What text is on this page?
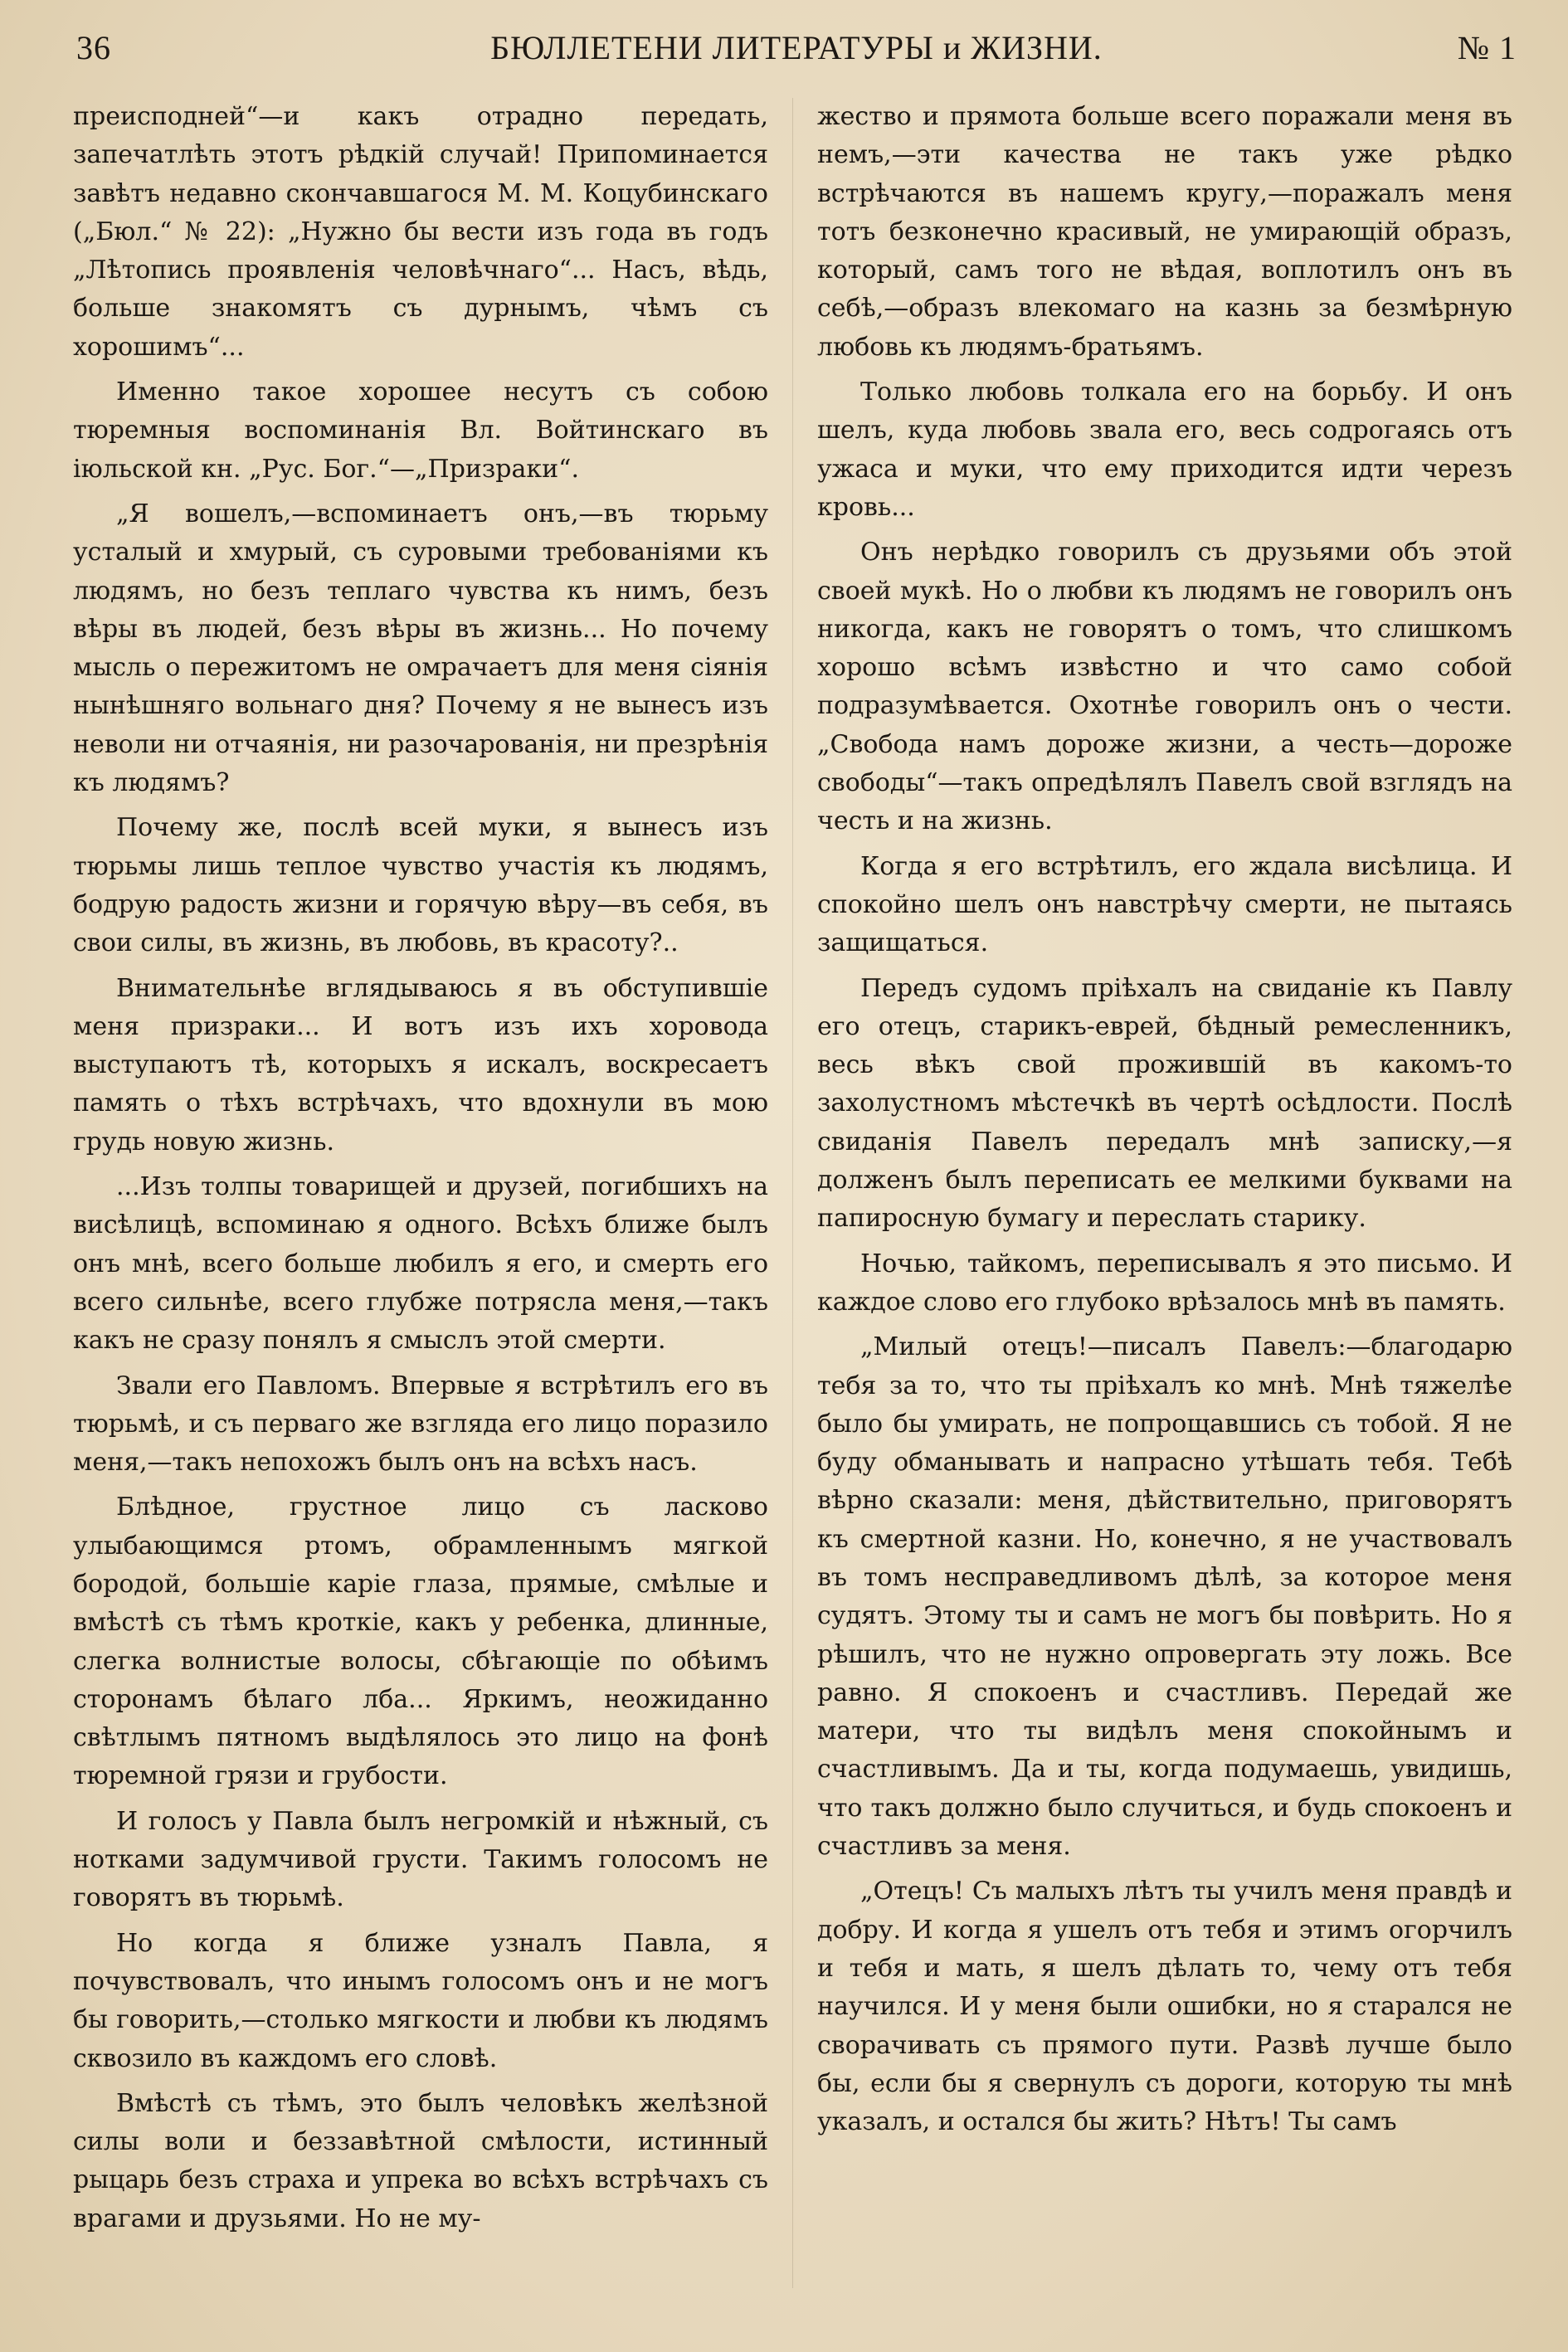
36	БЮЛЛЕТЕНИ ЛИТЕРАТУРЫ и ЖИЗНИ.	№ 1

преисподней“—и какъ отрадно передать, запечатлѣть этотъ рѣдкій случай! Припоминается завѣтъ недавно скончавшагося М. М. Коцубинскаго („Бюл.“ № 22): „Нужно бы вести изъ года въ годъ „Лѣтопись проявленія человѣчнаго“... Насъ, вѣдь, больше знакомятъ съ дурнымъ, чѣмъ съ хорошимъ“...

Именно такое хорошее несутъ съ собою тюремныя воспоминанія Вл. Войтинскаго въ іюльской кн. „Рус. Бог.“—„Призраки“.

„Я вошелъ,—вспоминаетъ онъ,—въ тюрьму усталый и хмурый, съ суровыми требованіями къ людямъ, но безъ теплаго чувства къ нимъ, безъ вѣры въ людей, безъ вѣры въ жизнь... Но почему мысль о пережитомъ не омрачаетъ для меня сіянія нынѣшняго вольнаго дня? Почему я не вынесъ изъ неволи ни отчаянія, ни разочарованія, ни презрѣнія къ людямъ?

Почему же, послѣ всей муки, я вынесъ изъ тюрьмы лишь теплое чувство участія къ людямъ, бодрую радость жизни и горячую вѣру—въ себя, въ свои силы, въ жизнь, въ любовь, въ красоту?..

Внимательнѣе вглядываюсь я въ обступившіе меня призраки... И вотъ изъ ихъ хоровода выступаютъ тѣ, которыхъ я искалъ, воскресаетъ память о тѣхъ встрѣчахъ, что вдохнули въ мою грудь новую жизнь.

...Изъ толпы товарищей и друзей, погибшихъ на висѣлицѣ, вспоминаю я одного. Всѣхъ ближе былъ онъ мнѣ, всего больше любилъ я его, и смерть его всего сильнѣе, всего глубже потрясла меня,—такъ какъ не сразу понялъ я смыслъ этой смерти.

Звали его Павломъ. Впервые я встрѣтилъ его въ тюрьмѣ, и съ перваго же взгляда его лицо поразило меня,—такъ непохожъ былъ онъ на всѣхъ насъ.

Блѣдное, грустное лицо съ ласково улыбающимся ртомъ, обрамленнымъ мягкой бородой, большіе каріе глаза, прямые, смѣлые и вмѣстѣ съ тѣмъ кроткіе, какъ у ребенка, длинные, слегка волнистые волосы, сбѣгающіе по обѣимъ сторонамъ бѣлаго лба... Яркимъ, неожиданно свѣтлымъ пятномъ выдѣлялось это лицо на фонѣ тюремной грязи и грубости.

И голосъ у Павла былъ негромкій и нѣжный, съ нотками задумчивой грусти. Такимъ голосомъ не говорятъ въ тюрьмѣ.

Но когда я ближе узналъ Павла, я почувствовалъ, что инымъ голосомъ онъ и не могъ бы говорить,—столько мягкости и любви къ людямъ сквозило въ каждомъ его словѣ.

Вмѣстѣ съ тѣмъ, это былъ человѣкъ желѣзной силы воли и беззавѣтной смѣлости, истинный рыцарь безъ страха и упрека во всѣхъ встрѣчахъ съ врагами и друзьями. Но не му-

жество и прямота больше всего поражали меня въ немъ,—эти качества не такъ уже рѣдко встрѣчаются въ нашемъ кругу,—поражалъ меня тотъ безконечно красивый, не умирающій образъ, который, самъ того не вѣдая, воплотилъ онъ въ себѣ,—образъ влекомаго на казнь за безмѣрную любовь къ людямъ-братьямъ.

Только любовь толкала его на борьбу. И онъ шелъ, куда любовь звала его, весь содрогаясь отъ ужаса и муки, что ему приходится идти черезъ кровь...

Онъ нерѣдко говорилъ съ друзьями объ этой своей мукѣ. Но о любви къ людямъ не говорилъ онъ никогда, какъ не говорятъ о томъ, что слишкомъ хорошо всѣмъ извѣстно и что само собой подразумѣвается. Охотнѣе говорилъ онъ о чести. „Свобода намъ дороже жизни, а честь—дороже свободы“—такъ опредѣлялъ Павелъ свой взглядъ на честь и на жизнь.

Когда я его встрѣтилъ, его ждала висѣлица. И спокойно шелъ онъ навстрѣчу смерти, не пытаясь защищаться.

Передъ судомъ пріѣхалъ на свиданіе къ Павлу его отецъ, старикъ-еврей, бѣдный ремесленникъ, весь вѣкъ свой прожившій въ какомъ-то захолустномъ мѣстечкѣ въ чертѣ осѣдлости. Послѣ свиданія Павелъ передалъ мнѣ записку,—я долженъ былъ переписать ее мелкими буквами на папиросную бумагу и переслать старику.

Ночью, тайкомъ, переписывалъ я это письмо. И каждое слово его глубоко врѣзалось мнѣ въ память.

„Милый отецъ!—писалъ Павелъ:—благодарю тебя за то, что ты пріѣхалъ ко мнѣ. Мнѣ тяжелѣе было бы умирать, не попрощавшись съ тобой. Я не буду обманывать и напрасно утѣшать тебя. Тебѣ вѣрно сказали: меня, дѣйствительно, приговорятъ къ смертной казни. Но, конечно, я не участвовалъ въ томъ несправедливомъ дѣлѣ, за которое меня судятъ. Этому ты и самъ не могъ бы повѣрить. Но я рѣшилъ, что не нужно опровергать эту ложь. Все равно. Я спокоенъ и счастливъ. Передай же матери, что ты видѣлъ меня спокойнымъ и счастливымъ. Да и ты, когда подумаешь, увидишь, что такъ должно было случиться, и будь спокоенъ и счастливъ за меня.

„Отецъ! Съ малыхъ лѣтъ ты училъ меня правдѣ и добру. И когда я ушелъ отъ тебя и этимъ огорчилъ и тебя и мать, я шелъ дѣлать то, чему отъ тебя научился. И у меня были ошибки, но я старался не сворачивать съ прямого пути. Развѣ лучше было бы, если бы я свернулъ съ дороги, которую ты мнѣ указалъ, и остался бы жить? Нѣтъ! Ты самъ
